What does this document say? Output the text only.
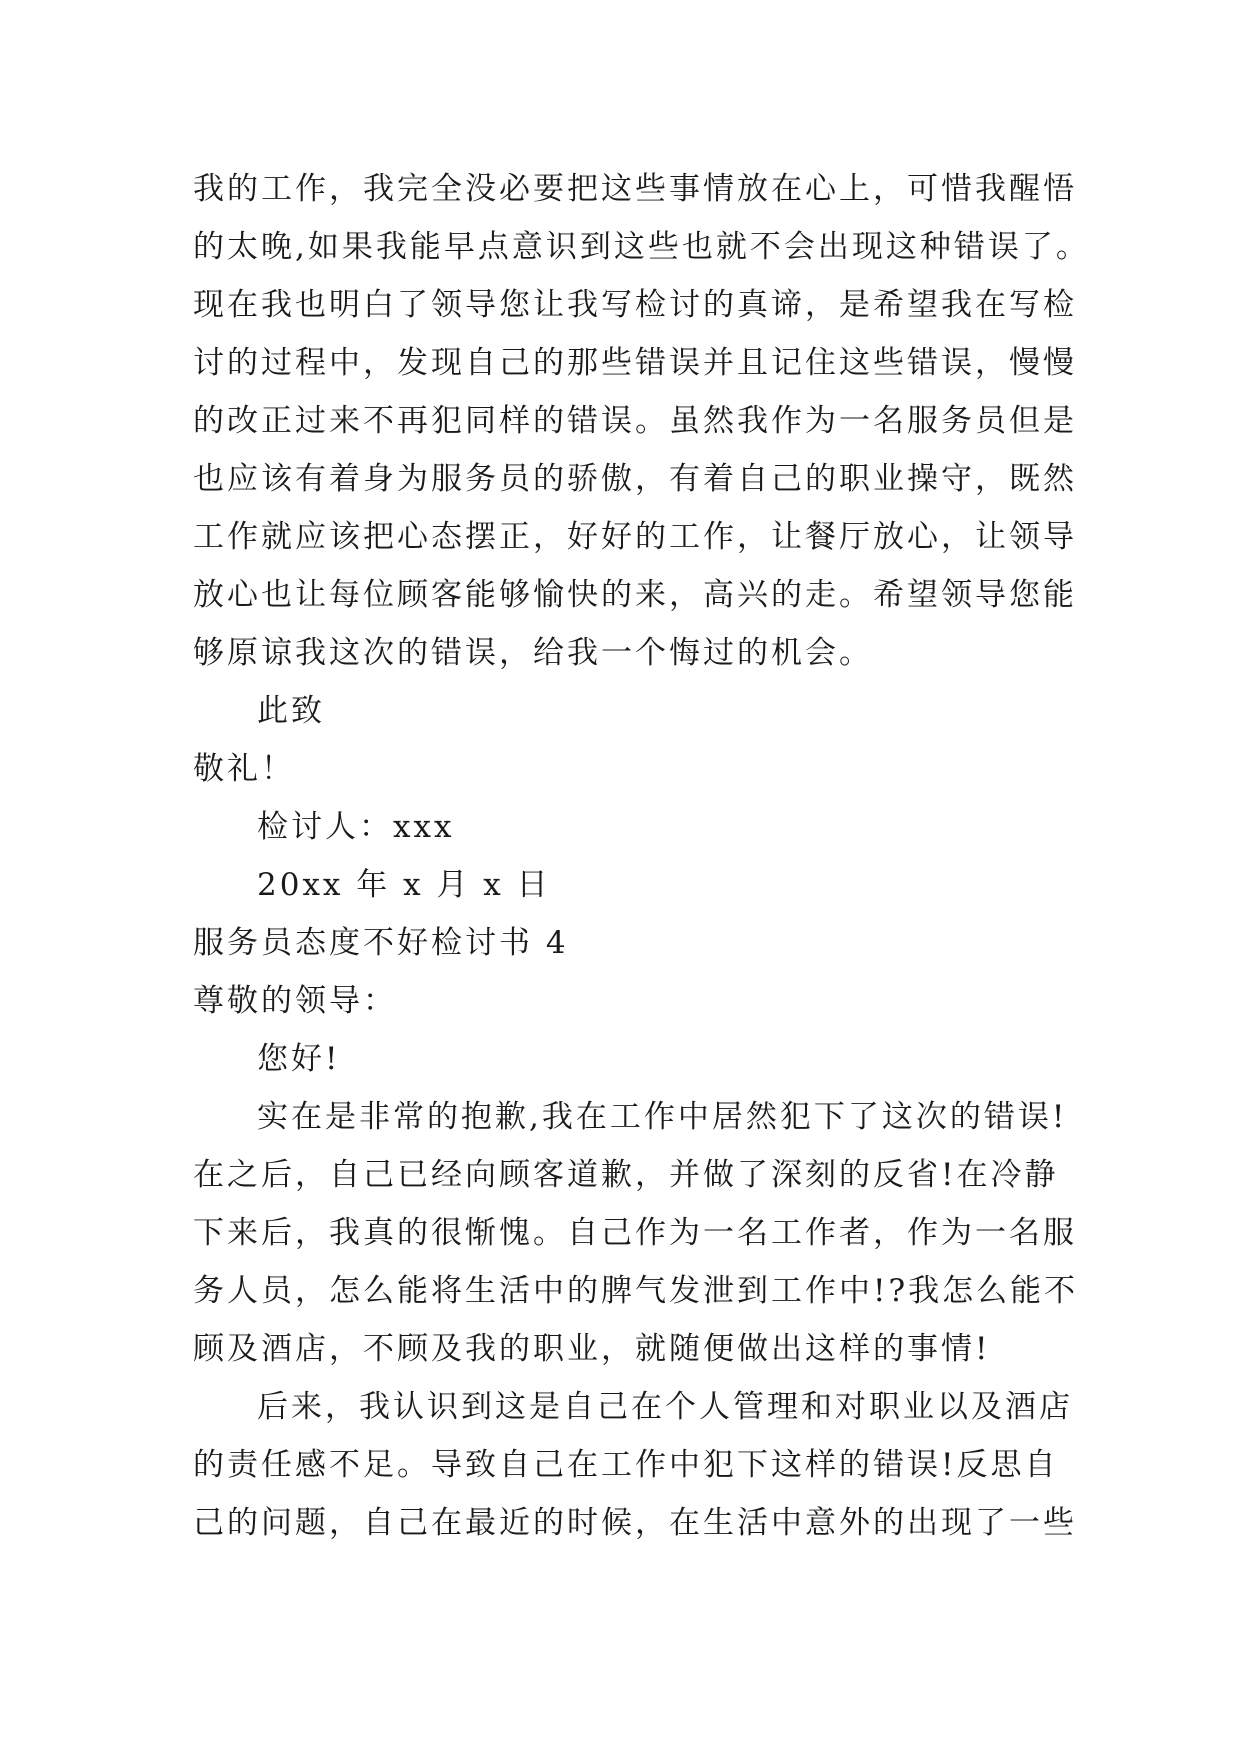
我的工作，我完全没必要把这些事情放在心上，可惜我醒悟
的太晚,如果我能早点意识到这些也就不会出现这种错误了。
现在我也明白了领导您让我写检讨的真谛，是希望我在写检
讨的过程中，发现自己的那些错误并且记住这些错误，慢慢
的改正过来不再犯同样的错误。虽然我作为一名服务员但是
也应该有着身为服务员的骄傲，有着自己的职业操守，既然
工作就应该把心态摆正，好好的工作，让餐厅放心，让领导
放心也让每位顾客能够愉快的来，高兴的走。希望领导您能
够原谅我这次的错误，给我一个悔过的机会。
此致
敬礼！
检讨人：xxx
20xx 年 x 月 x 日
服务员态度不好检讨书 4
尊敬的领导：
您好!
实在是非常的抱歉,我在工作中居然犯下了这次的错误!
在之后，自己已经向顾客道歉，并做了深刻的反省!在冷静
下来后，我真的很惭愧。自己作为一名工作者，作为一名服
务人员，怎么能将生活中的脾气发泄到工作中!?我怎么能不
顾及酒店，不顾及我的职业，就随便做出这样的事情!
后来，我认识到这是自己在个人管理和对职业以及酒店
的责任感不足。导致自己在工作中犯下这样的错误!反思自
己的问题，自己在最近的时候，在生活中意外的出现了一些
